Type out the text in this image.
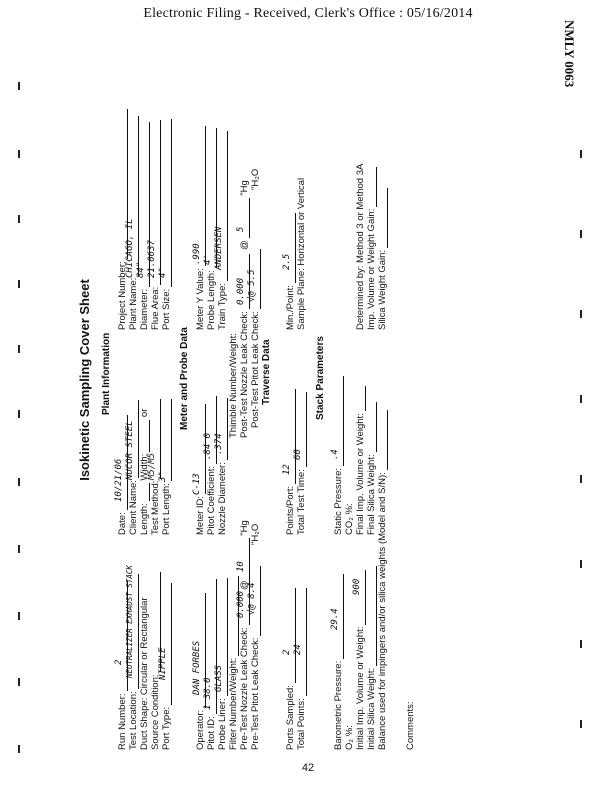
Electronic Filing - Received, Clerk's Office : 05/16/2014
NMLY 0063
42
Isokinetic Sampling Cover Sheet Plant Information
Run Number:
2
Test Location:
NEUTRALIZER EXHAUST STACK
Duct Shape: Circular or Rectangular
Source Condition: Port Type:
NIPPLE
Date:
10/21/06 Client Name:
NUCOR STEEL
Length: Width: or
Test Method:
M5/M5
Port Length:
3"
Project Number: Plant Name:
CHICAGO, IL
Diameter:
84"
Flue Area:
21.0637
Port Size:
4"
Meter and Probe Data
Operator:
DAN FORBES
Pitot ID:
1 38.0
Probe Liner:
GLASS Filter Number/Weight: Pre-Test Nozzle Leak Check:
0.000
Pre-Test Pitot Leak Check:
√@ 8.4
Meter ID:
C-13 Pitot Coefficient:
.84 0
Nozzle Diameter:
.374
@ "Hg
10
"H₂O
Thimble Number/Weight: Post-Test Nozzle Leak Check:
0.000
Post-Test Pitot Leak Check:
√@ 5.5
Meter Y Value:
.990
Probe Length:
4'
Train Type:
ANDERSEN @ "Hg
5
"H₂O
Traverse Data
Ports Sampled:
2
Total Points:
24
Points/Port:
12 Total Test Time:
60
Min./Point:
2.5 Sample Plane: Horizontal or Vertical
Stack Parameters
Barometric Pressure:
29.4
O₂ %: Initial Imp. Volume or Weight:
900
Initial Silica Weight: Balance used for impingers and/or silica weights (Model and S/N):
Static Pressure:
.4
CO₂ %: Final Imp. Volume or Weight: Final Silica Weight:
Determined by: Method 3 or Method 3A Imp. Volume or Weight Gain: Silica Weight Gain:
Comments:
